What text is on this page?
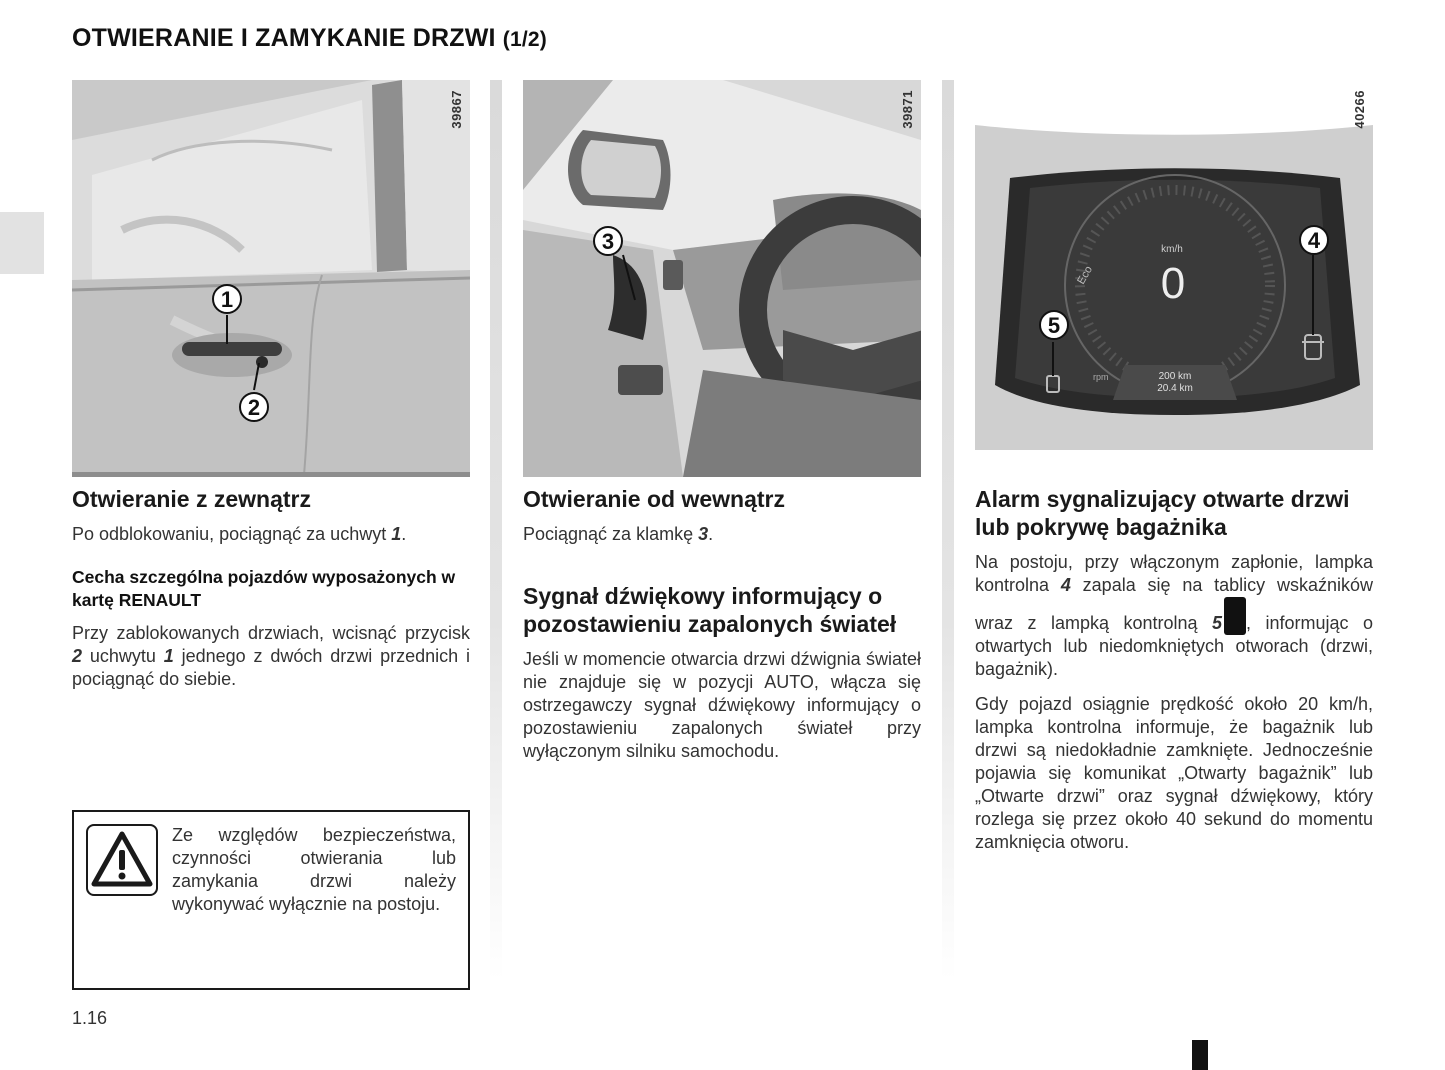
OTWIERANIE I ZAMYKANIE DRZWI (1/2)
39867
1
2
Otwieranie z zewnątrz

Po odblokowaniu, pociągnąć za uchwyt 1.

Cecha szczególna pojazdów wyposażonych w kartę RENAULT

Przy zablokowanych drzwiach, wcisnąć przycisk 2 uchwytu 1 jednego z dwóch drzwi przednich i pociągnąć do siebie.

39871
3
Otwieranie od wewnątrz

Pociągnąć za klamkę 3.

Sygnał dźwiękowy informujący o pozostawieniu zapalonych świateł

Jeśli w momencie otwarcia drzwi dźwignia świateł nie znajduje się w pozycji AUTO, włącza się ostrzegawczy sygnał dźwiękowy informujący o pozostawieniu zapalonych świateł przy wyłączonym silniku samochodu.

km/h
0
Eco
rpm	200 km
20.4 km
40266
4
5
Alarm sygnalizujący otwarte drzwi lub pokrywę bagażnika

Na postoju, przy włączonym zapłonie, lampka kontrolna 4 zapala się na tablicy wskaźników wraz z lampką kontrolną 5 , informując o otwartych lub niedomkniętych otworach (drzwi, bagażnik).

Gdy pojazd osiągnie prędkość około 20 km/h, lampka kontrolna informuje, że bagażnik lub drzwi są niedokładnie zamknięte. Jednocześnie pojawia się komunikat „Otwarty bagażnik” lub „Otwarte drzwi” oraz sygnał dźwiękowy, który rozlega się przez około 40 sekund do momentu zamknięcia otworu.

Ze względów bezpieczeństwa, czynności otwierania lub zamykania drzwi należy wykonywać wyłącznie na postoju.
1.16
